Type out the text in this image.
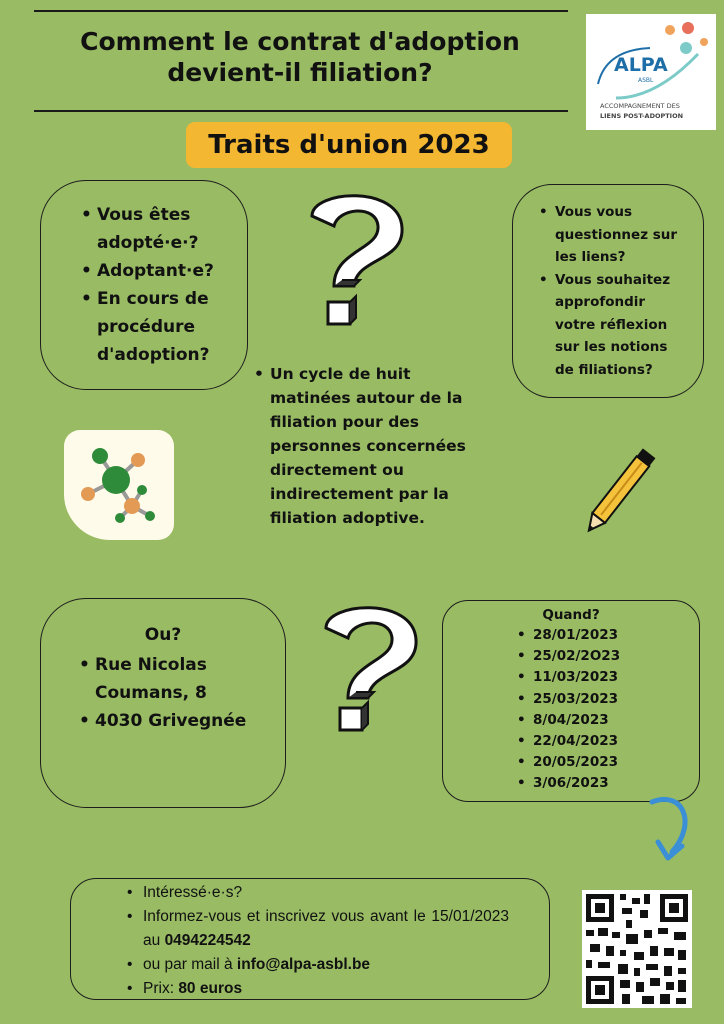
Comment le contrat d'adoption
devient-il filiation?	ALPA
ASBL
ACCOMPAGNEMENT DES
LIENS POST-ADOPTION
Traits d'union 2023
• Vous êtes adopté·e·?
• Adoptant·e?
• En cours de procédure d'adoption?
• Vous vous questionnez sur les liens?
• Vous souhaitez approfondir votre réflexion sur les notions de filiations?
• Un cycle de huit matinées autour de la filiation pour des personnes concernées directement ou indirectement par la filiation adoptive.
Ou?
• Rue Nicolas Coumans, 8
• 4030 Grivegnée
Quand?
• 28/01/2023
• 25/02/2O23
• 11/03/2023
• 25/03/2023
• 8/04/2023
• 22/04/2023
• 20/05/2023
• 3/06/2023
• Intéressé·e·s?
• Informez-vous et inscrivez vous avant le 15/01/2023 au 0494224542
• ou par mail à info@alpa-asbl.be
• Prix: 80 euros
